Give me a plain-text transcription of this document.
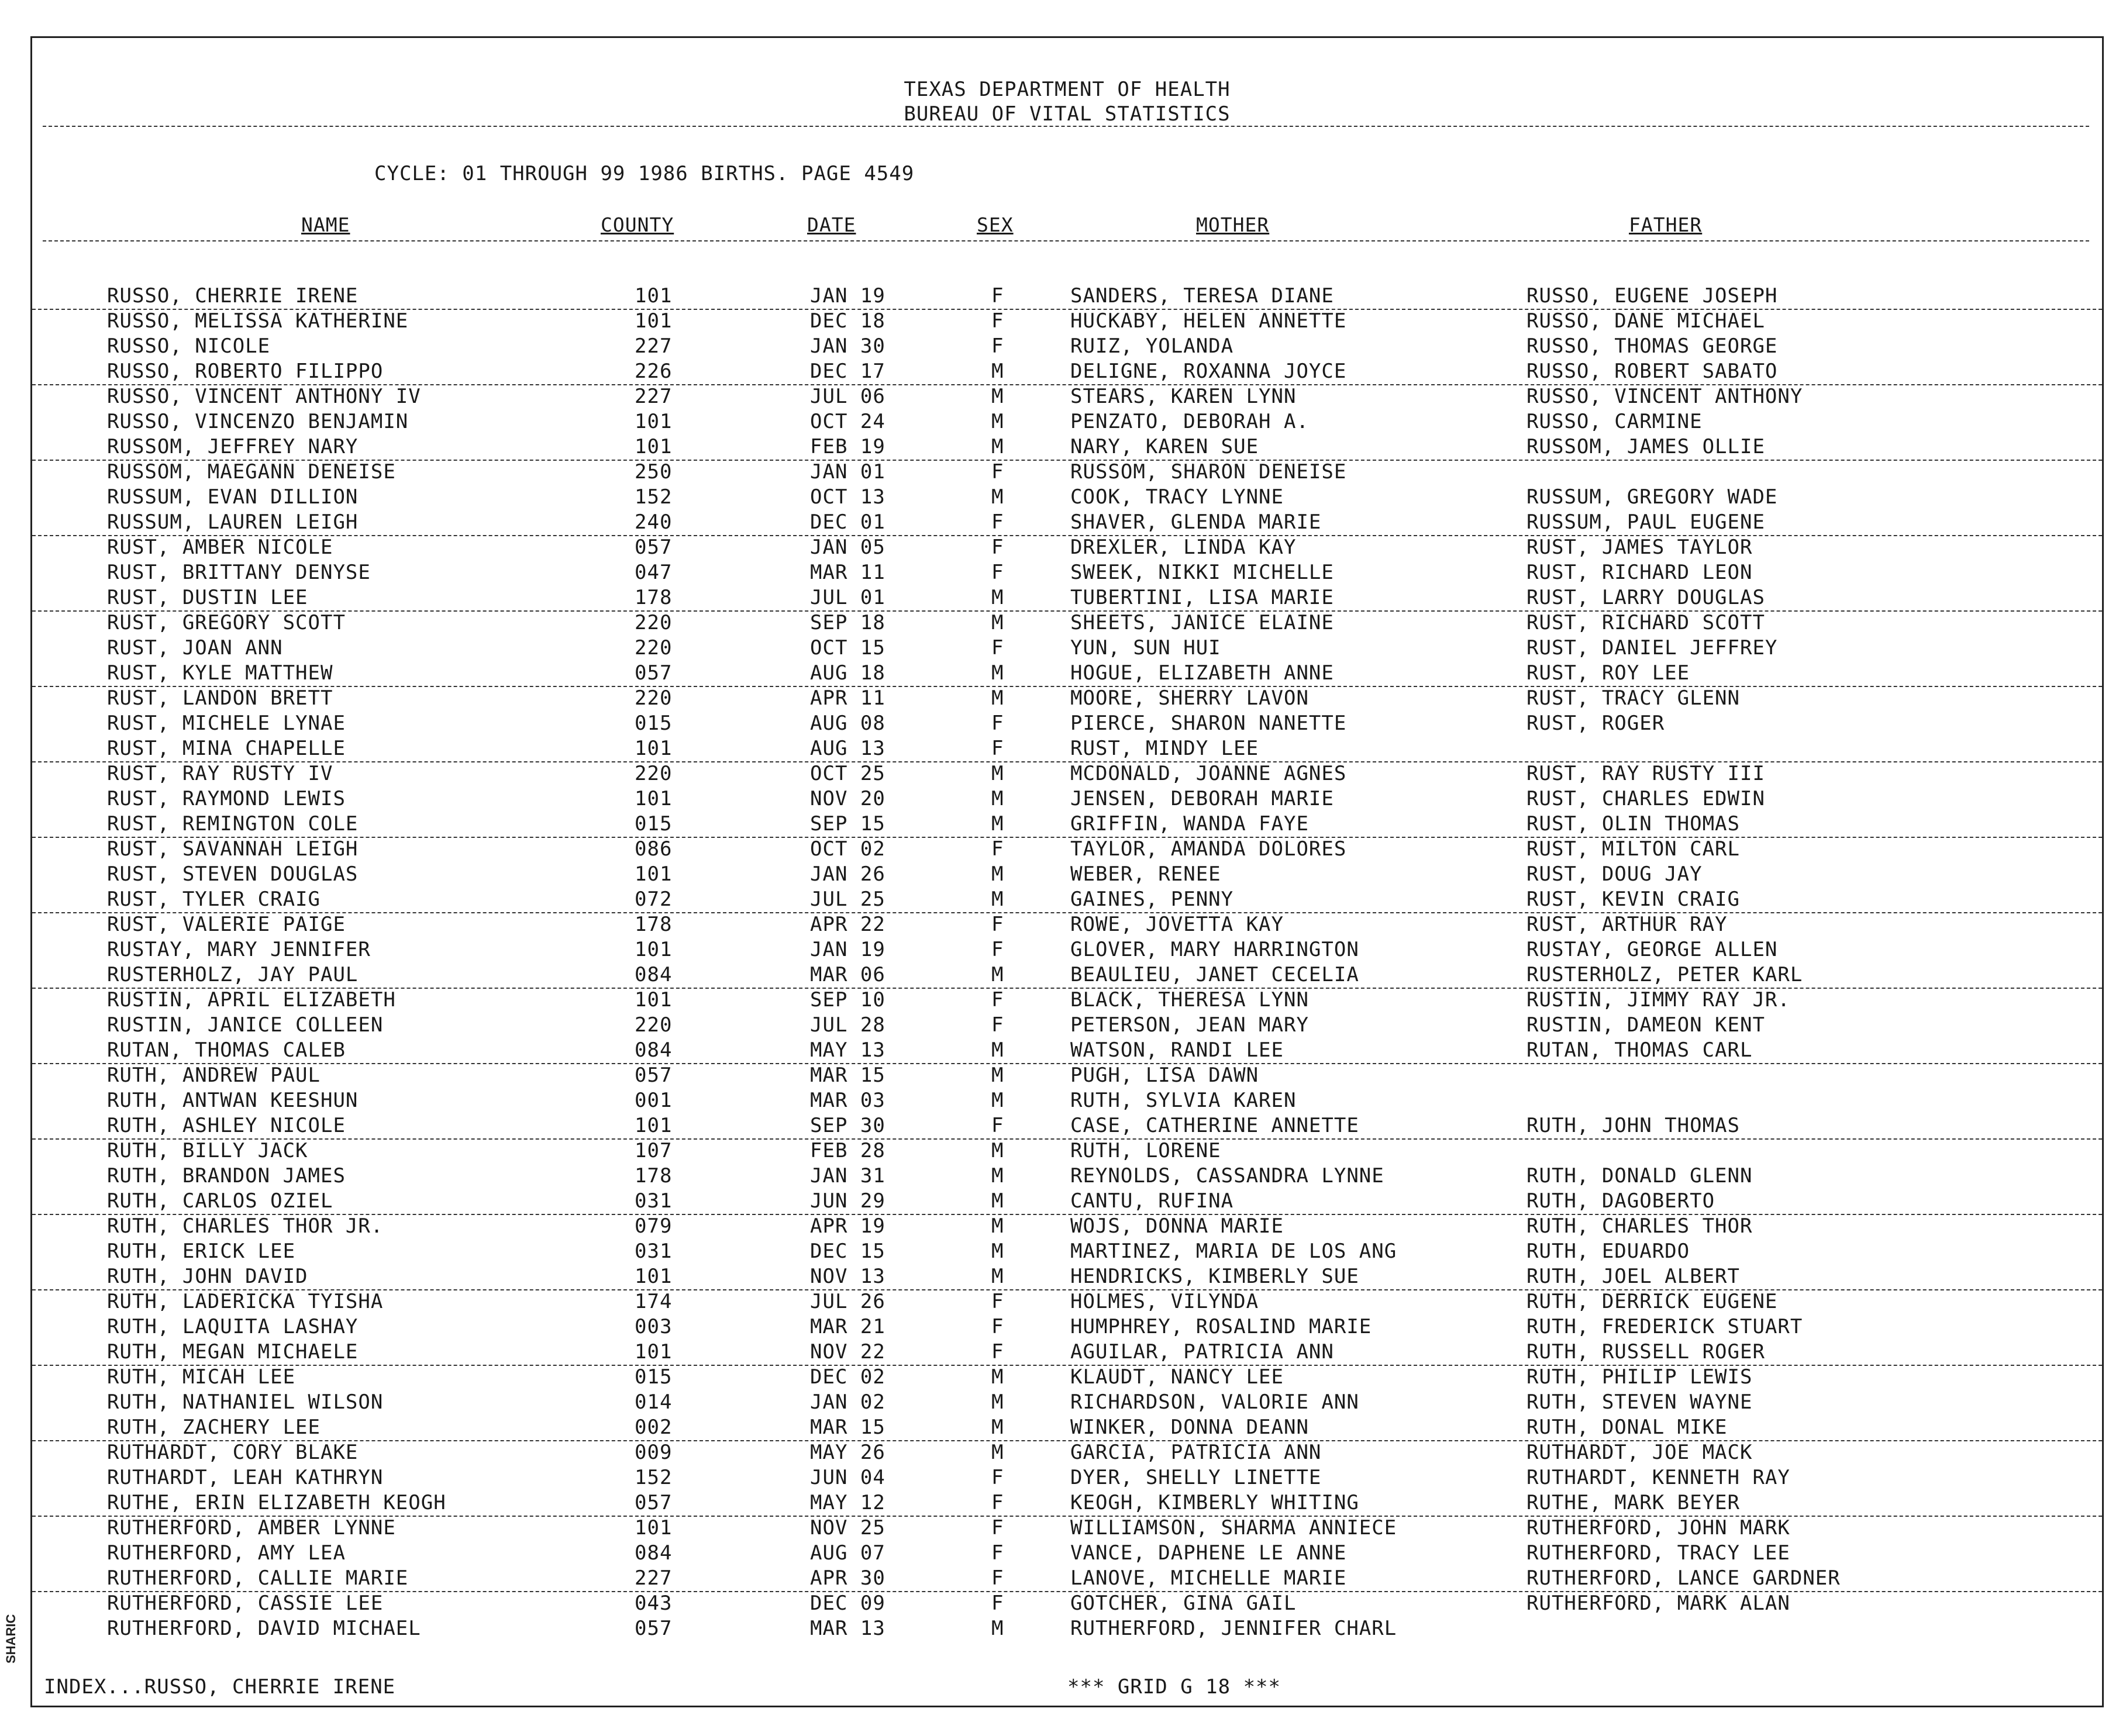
SHARIC
TEXAS DEPARTMENT OF HEALTH
BUREAU OF VITAL STATISTICS
CYCLE: 01 THROUGH 99 1986 BIRTHS. PAGE 4549
NAME	COUNTY	DATE	SEX	MOTHER	FATHER
RUSSO, CHERRIE IRENE	101	JAN 19	F	SANDERS, TERESA DIANE	RUSSO, EUGENE JOSEPH
RUSSO, MELISSA KATHERINE	101	DEC 18	F	HUCKABY, HELEN ANNETTE	RUSSO, DANE MICHAEL
RUSSO, NICOLE	227	JAN 30	F	RUIZ, YOLANDA	RUSSO, THOMAS GEORGE
RUSSO, ROBERTO FILIPPO	226	DEC 17	M	DELIGNE, ROXANNA JOYCE	RUSSO, ROBERT SABATO
RUSSO, VINCENT ANTHONY IV	227	JUL 06	M	STEARS, KAREN LYNN	RUSSO, VINCENT ANTHONY
RUSSO, VINCENZO BENJAMIN	101	OCT 24	M	PENZATO, DEBORAH A.	RUSSO, CARMINE
RUSSOM, JEFFREY NARY	101	FEB 19	M	NARY, KAREN SUE	RUSSOM, JAMES OLLIE
RUSSOM, MAEGANN DENEISE	250	JAN 01	F	RUSSOM, SHARON DENEISE
RUSSUM, EVAN DILLION	152	OCT 13	M	COOK, TRACY LYNNE	RUSSUM, GREGORY WADE
RUSSUM, LAUREN LEIGH	240	DEC 01	F	SHAVER, GLENDA MARIE	RUSSUM, PAUL EUGENE
RUST, AMBER NICOLE	057	JAN 05	F	DREXLER, LINDA KAY	RUST, JAMES TAYLOR
RUST, BRITTANY DENYSE	047	MAR 11	F	SWEEK, NIKKI MICHELLE	RUST, RICHARD LEON
RUST, DUSTIN LEE	178	JUL 01	M	TUBERTINI, LISA MARIE	RUST, LARRY DOUGLAS
RUST, GREGORY SCOTT	220	SEP 18	M	SHEETS, JANICE ELAINE	RUST, RICHARD SCOTT
RUST, JOAN ANN	220	OCT 15	F	YUN, SUN HUI	RUST, DANIEL JEFFREY
RUST, KYLE MATTHEW	057	AUG 18	M	HOGUE, ELIZABETH ANNE	RUST, ROY LEE
RUST, LANDON BRETT	220	APR 11	M	MOORE, SHERRY LAVON	RUST, TRACY GLENN
RUST, MICHELE LYNAE	015	AUG 08	F	PIERCE, SHARON NANETTE	RUST, ROGER
RUST, MINA CHAPELLE	101	AUG 13	F	RUST, MINDY LEE
RUST, RAY RUSTY IV	220	OCT 25	M	MCDONALD, JOANNE AGNES	RUST, RAY RUSTY III
RUST, RAYMOND LEWIS	101	NOV 20	M	JENSEN, DEBORAH MARIE	RUST, CHARLES EDWIN
RUST, REMINGTON COLE	015	SEP 15	M	GRIFFIN, WANDA FAYE	RUST, OLIN THOMAS
RUST, SAVANNAH LEIGH	086	OCT 02	F	TAYLOR, AMANDA DOLORES	RUST, MILTON CARL
RUST, STEVEN DOUGLAS	101	JAN 26	M	WEBER, RENEE	RUST, DOUG JAY
RUST, TYLER CRAIG	072	JUL 25	M	GAINES, PENNY	RUST, KEVIN CRAIG
RUST, VALERIE PAIGE	178	APR 22	F	ROWE, JOVETTA KAY	RUST, ARTHUR RAY
RUSTAY, MARY JENNIFER	101	JAN 19	F	GLOVER, MARY HARRINGTON	RUSTAY, GEORGE ALLEN
RUSTERHOLZ, JAY PAUL	084	MAR 06	M	BEAULIEU, JANET CECELIA	RUSTERHOLZ, PETER KARL
RUSTIN, APRIL ELIZABETH	101	SEP 10	F	BLACK, THERESA LYNN	RUSTIN, JIMMY RAY JR.
RUSTIN, JANICE COLLEEN	220	JUL 28	F	PETERSON, JEAN MARY	RUSTIN, DAMEON KENT
RUTAN, THOMAS CALEB	084	MAY 13	M	WATSON, RANDI LEE	RUTAN, THOMAS CARL
RUTH, ANDREW PAUL	057	MAR 15	M	PUGH, LISA DAWN
RUTH, ANTWAN KEESHUN	001	MAR 03	M	RUTH, SYLVIA KAREN
RUTH, ASHLEY NICOLE	101	SEP 30	F	CASE, CATHERINE ANNETTE	RUTH, JOHN THOMAS
RUTH, BILLY JACK	107	FEB 28	M	RUTH, LORENE
RUTH, BRANDON JAMES	178	JAN 31	M	REYNOLDS, CASSANDRA LYNNE	RUTH, DONALD GLENN
RUTH, CARLOS OZIEL	031	JUN 29	M	CANTU, RUFINA	RUTH, DAGOBERTO
RUTH, CHARLES THOR JR.	079	APR 19	M	WOJS, DONNA MARIE	RUTH, CHARLES THOR
RUTH, ERICK LEE	031	DEC 15	M	MARTINEZ, MARIA DE LOS ANG	RUTH, EDUARDO
RUTH, JOHN DAVID	101	NOV 13	M	HENDRICKS, KIMBERLY SUE	RUTH, JOEL ALBERT
RUTH, LADERICKA TYISHA	174	JUL 26	F	HOLMES, VILYNDA	RUTH, DERRICK EUGENE
RUTH, LAQUITA LASHAY	003	MAR 21	F	HUMPHREY, ROSALIND MARIE	RUTH, FREDERICK STUART
RUTH, MEGAN MICHAELE	101	NOV 22	F	AGUILAR, PATRICIA ANN	RUTH, RUSSELL ROGER
RUTH, MICAH LEE	015	DEC 02	M	KLAUDT, NANCY LEE	RUTH, PHILIP LEWIS
RUTH, NATHANIEL WILSON	014	JAN 02	M	RICHARDSON, VALORIE ANN	RUTH, STEVEN WAYNE
RUTH, ZACHERY LEE	002	MAR 15	M	WINKER, DONNA DEANN	RUTH, DONAL MIKE
RUTHARDT, CORY BLAKE	009	MAY 26	M	GARCIA, PATRICIA ANN	RUTHARDT, JOE MACK
RUTHARDT, LEAH KATHRYN	152	JUN 04	F	DYER, SHELLY LINETTE	RUTHARDT, KENNETH RAY
RUTHE, ERIN ELIZABETH KEOGH	057	MAY 12	F	KEOGH, KIMBERLY WHITING	RUTHE, MARK BEYER
RUTHERFORD, AMBER LYNNE	101	NOV 25	F	WILLIAMSON, SHARMA ANNIECE	RUTHERFORD, JOHN MARK
RUTHERFORD, AMY LEA	084	AUG 07	F	VANCE, DAPHENE LE ANNE	RUTHERFORD, TRACY LEE
RUTHERFORD, CALLIE MARIE	227	APR 30	F	LANOVE, MICHELLE MARIE	RUTHERFORD, LANCE GARDNER
RUTHERFORD, CASSIE LEE	043	DEC 09	F	GOTCHER, GINA GAIL	RUTHERFORD, MARK ALAN
RUTHERFORD, DAVID MICHAEL	057	MAR 13	M	RUTHERFORD, JENNIFER CHARL
INDEX...RUSSO, CHERRIE IRENE	*** GRID G 18 ***
